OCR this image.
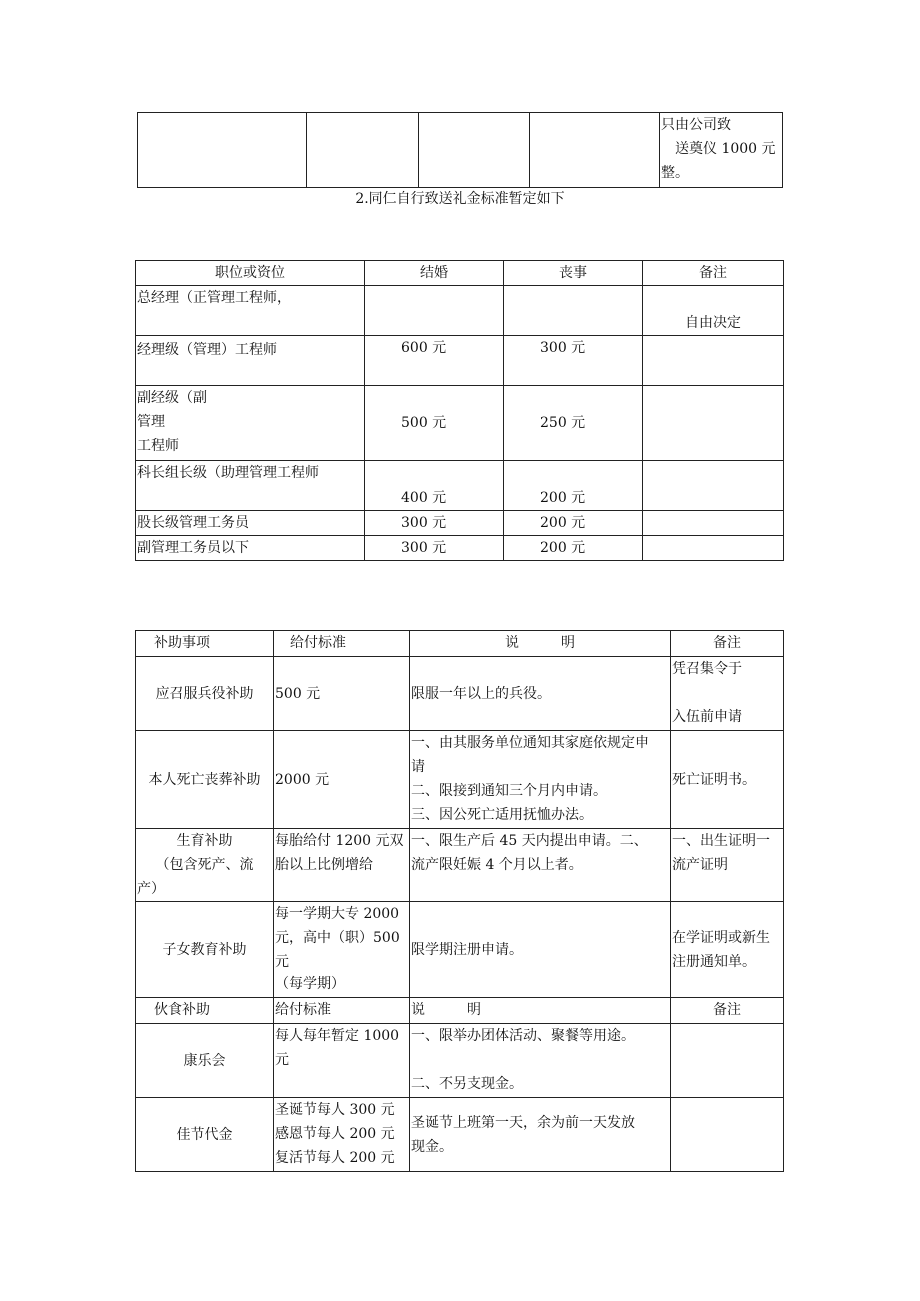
只由公司致
送奠仪 1000 元
整。
2.同仁自行致送礼金标准暂定如下
职位或资位	结婚	丧事	备注
总经理（正管理工程师，			自由决定
经理级（管理）工程师	600 元	300 元	

副经级（副
管理
工程师	500 元	250 元	
科长组长级（助理管理工程师	400 元	200 元	
股长级管理工务员	300 元	200 元	
副管理工务员以下	300 元	200 元	
补助事项	给付标准	说　　　明	备注
应召服兵役补助	500 元	限服一年以上的兵役。	凭召集令于

入伍前申请

本人死亡丧葬补助	2000 元	一、由其服务单位通知其家庭依规定申
请
二、限接到通知三个月内申请。
三、因公死亡适用抚恤办法。	死亡证明书。

生育补助
（包含死产、流
产）	每胎给付 1200 元双
胎以上比例增给	一、限生产后 45 天内提出申请。二、
流产限妊娠 4 个月以上者。	一、出生证明一
流产证明

子女教育补助	每一学期大专 2000
元，高中（职）500
元
（每学期）	限学期注册申请。	在学证明或新生
注册通知单。

伙食补助	给付标准	说　　　明	备注
康乐会	每人每年暂定 1000
元	一、限举办团体活动、聚餐等用途。

二、不另支现金。	

佳节代金	圣诞节每人 300 元
感恩节每人 200 元
复活节每人 200 元	圣诞节上班第一天，余为前一天发放
现金。	
